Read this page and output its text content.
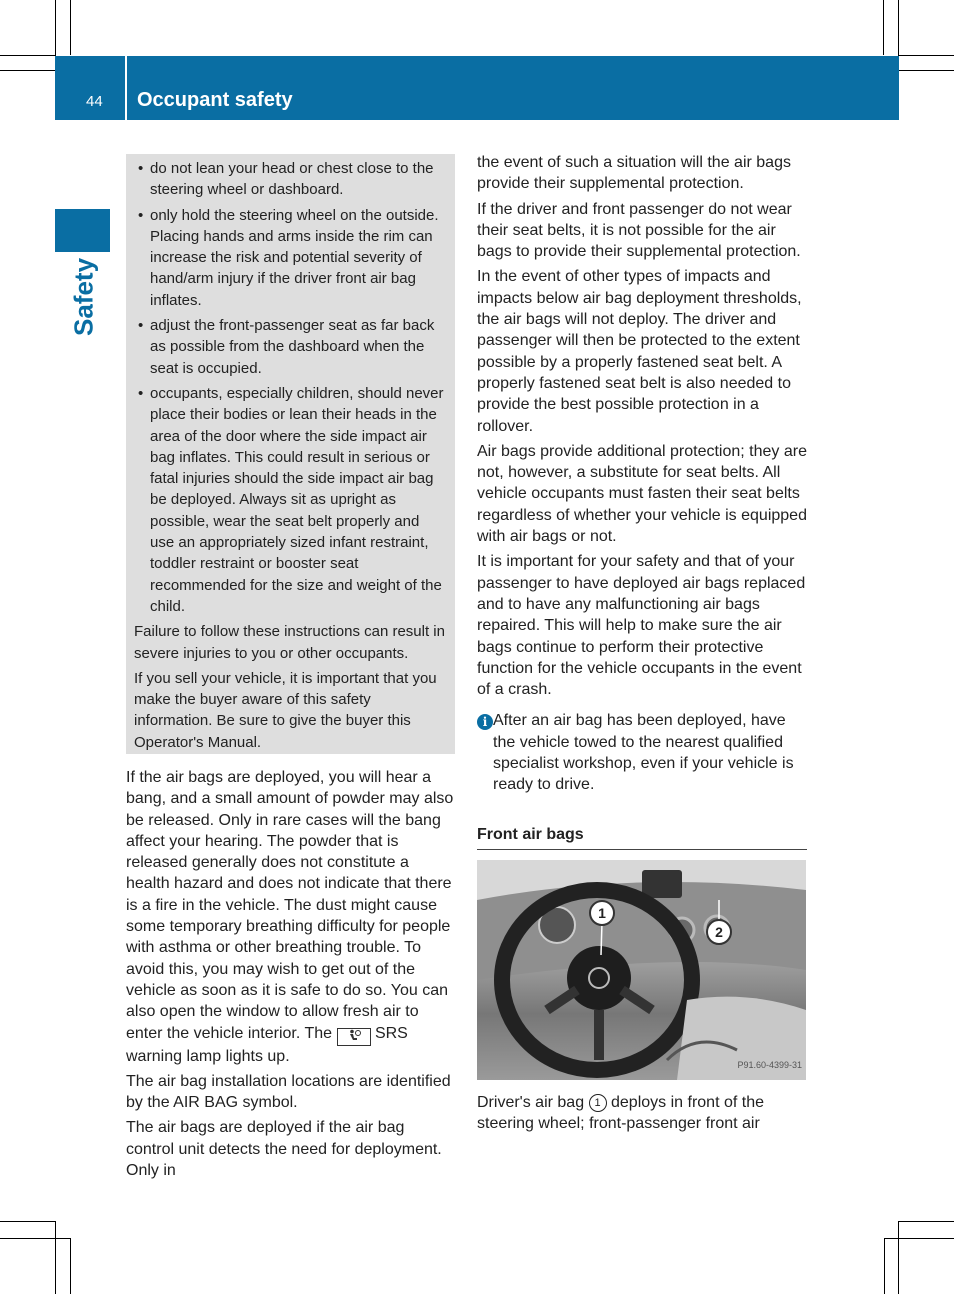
44 Occupant safety
Safety
• do not lean your head or chest close to the steering wheel or dashboard.
• only hold the steering wheel on the outside. Placing hands and arms inside the rim can increase the risk and potential severity of hand/arm injury if the driver front air bag inflates.
• adjust the front-passenger seat as far back as possible from the dashboard when the seat is occupied.
• occupants, especially children, should never place their bodies or lean their heads in the area of the door where the side impact air bag inflates. This could result in serious or fatal injuries should the side impact air bag be deployed. Always sit as upright as possible, wear the seat belt properly and use an appropriately sized infant restraint, toddler restraint or booster seat recommended for the size and weight of the child.

Failure to follow these instructions can result in severe injuries to you or other occupants.

If you sell your vehicle, it is important that you make the buyer aware of this safety information. Be sure to give the buyer this Operator's Manual.

If the air bags are deployed, you will hear a bang, and a small amount of powder may also be released. Only in rare cases will the bang affect your hearing. The powder that is released generally does not constitute a health hazard and does not indicate that there is a fire in the vehicle. The dust might cause some temporary breathing difficulty for people with asthma or other breathing trouble. To avoid this, you may wish to get out of the vehicle as soon as it is safe to do so. You can also open the window to allow fresh air to enter the vehicle interior. The	SRS warning lamp lights up.

The air bag installation locations are identified by the AIR BAG symbol.

The air bags are deployed if the air bag control unit detects the need for deployment. Only in

the event of such a situation will the air bags provide their supplemental protection.

If the driver and front passenger do not wear their seat belts, it is not possible for the air bags to provide their supplemental protection.

In the event of other types of impacts and impacts below air bag deployment thresholds, the air bags will not deploy. The driver and passenger will then be protected to the extent possible by a properly fastened seat belt. A properly fastened seat belt is also needed to provide the best possible protection in a rollover.

Air bags provide additional protection; they are not, however, a substitute for seat belts. All vehicle occupants must fasten their seat belts regardless of whether your vehicle is equipped with air bags or not.

It is important for your safety and that of your passenger to have deployed air bags replaced and to have any malfunctioning air bags repaired. This will help to make sure the air bags continue to perform their protective function for the vehicle occupants in the event of a crash.

i After an air bag has been deployed, have the vehicle towed to the nearest qualified specialist workshop, even if your vehicle is ready to drive.

Front air bags

1
2
P91.60-4399-31

Driver's air bag 1 deploys in front of the steering wheel; front-passenger front air
